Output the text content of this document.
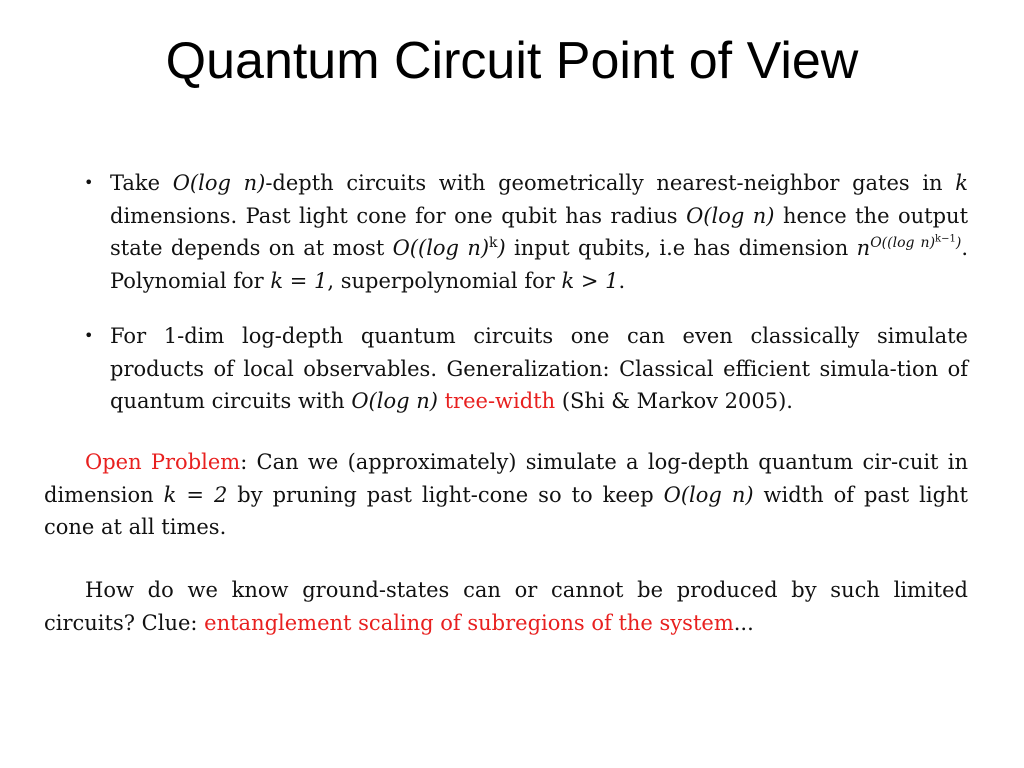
Quantum Circuit Point of View
• Take O(log n)-depth circuits with geometrically nearest-neighbor gates in k dimensions. Past light cone for one qubit has radius O(log n) hence the output state depends on at most O((log n)$^k$) input qubits, i.e has dimension $n^{O((log n)^{k-1})}$. Polynomial for k = 1, superpolynomial for k > 1.
• For 1-dim log-depth quantum circuits one can even classically simulate products of local observables. Generalization: Classical efficient simula-tion of quantum circuits with O(log n) tree-width (Shi & Markov 2005).
Open Problem: Can we (approximately) simulate a log-depth quantum cir-cuit in dimension k = 2 by pruning past light-cone so to keep O(log n) width of past light cone at all times.
How do we know ground-states can or cannot be produced by such limited circuits? Clue: entanglement scaling of subregions of the system...
